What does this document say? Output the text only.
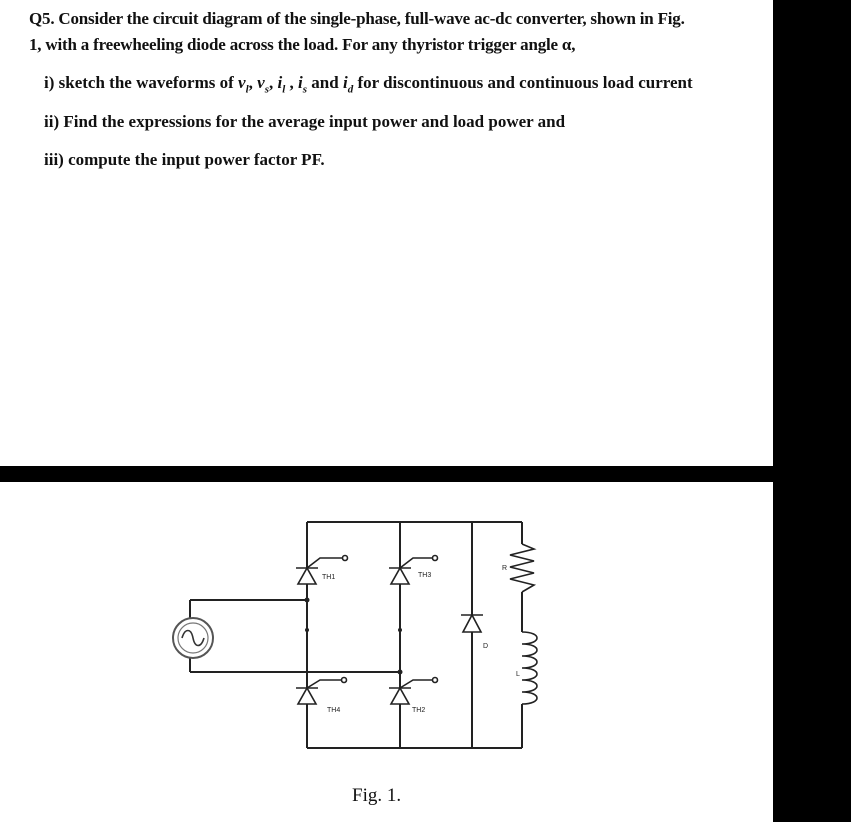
Q5. Consider the circuit diagram of the single-phase, full-wave ac-dc converter, shown in Fig.
1, with a freewheeling diode across the load. For any thyristor trigger angle α,
i) sketch the waveforms of $v_l$, $v_s$, $i_l$ , $i_s$ and $i_d$ for discontinuous and continuous load current
ii) Find the expressions for the average input power and load power and
iii) compute the input power factor PF.
TH1	TH3
TH4	TH2
D
R
L
Fig. 1.
